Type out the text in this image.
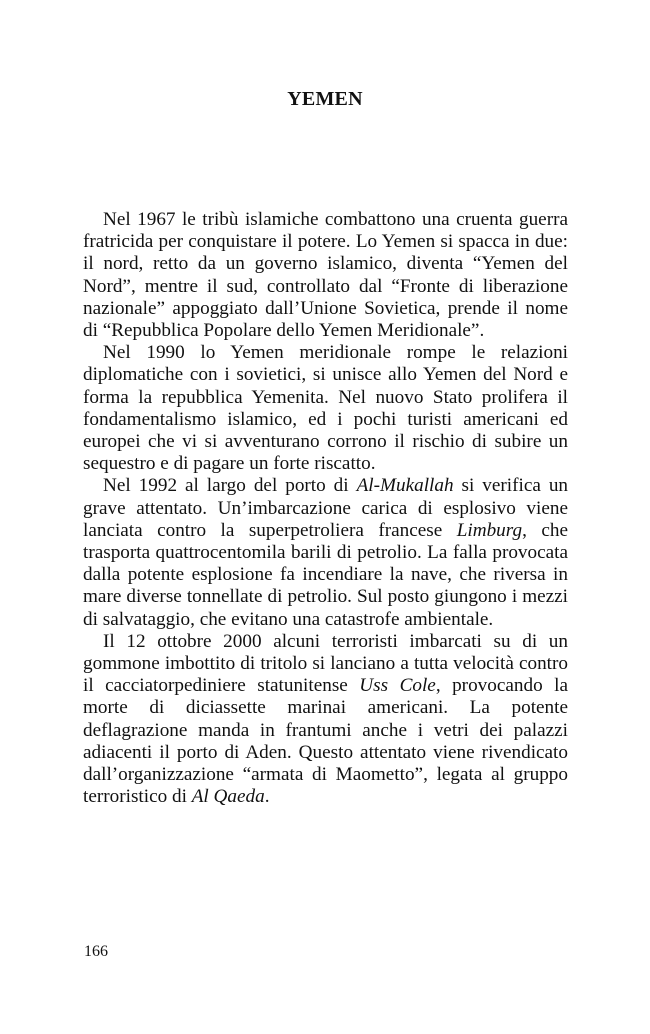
YEMEN

Nel 1967 le tribù islamiche combattono una cruenta guerra fratricida per conquistare il potere. Lo Yemen si spacca in due: il nord, retto da un governo islamico, diventa “Yemen del Nord”, mentre il sud, controllato dal “Fronte di liberazione nazionale” appoggiato dall’Unione Sovietica, prende il nome di “Repubblica Popolare dello Yemen Meridionale”.

Nel 1990 lo Yemen meridionale rompe le relazioni diplomatiche con i sovietici, si unisce allo Yemen del Nord e forma la repubblica Yemenita. Nel nuovo Stato prolifera il fondamentalismo islamico, ed i pochi turisti americani ed europei che vi si avventurano corrono il rischio di subire un sequestro e di pagare un forte riscatto.

Nel 1992 al largo del porto di Al-Mukallah si verifica un grave attentato. Un’imbarcazione carica di esplosivo viene lanciata contro la superpetroliera francese Limburg, che trasporta quattrocentomila barili di petrolio. La falla provocata dalla potente esplosione fa incendiare la nave, che riversa in mare diverse tonnellate di petrolio. Sul posto giungono i mezzi di salvataggio, che evitano una catastrofe ambientale.

Il 12 ottobre 2000 alcuni terroristi imbarcati su di un gommone imbottito di tritolo si lanciano a tutta velocità contro il cacciatorpediniere statunitense Uss Cole, provocando la morte di diciassette marinai americani. La potente deflagrazione manda in frantumi anche i vetri dei palazzi adiacenti il porto di Aden. Questo attentato viene rivendicato dall’organizzazione “armata di Maometto”, legata al gruppo terroristico di Al Qaeda.

166
